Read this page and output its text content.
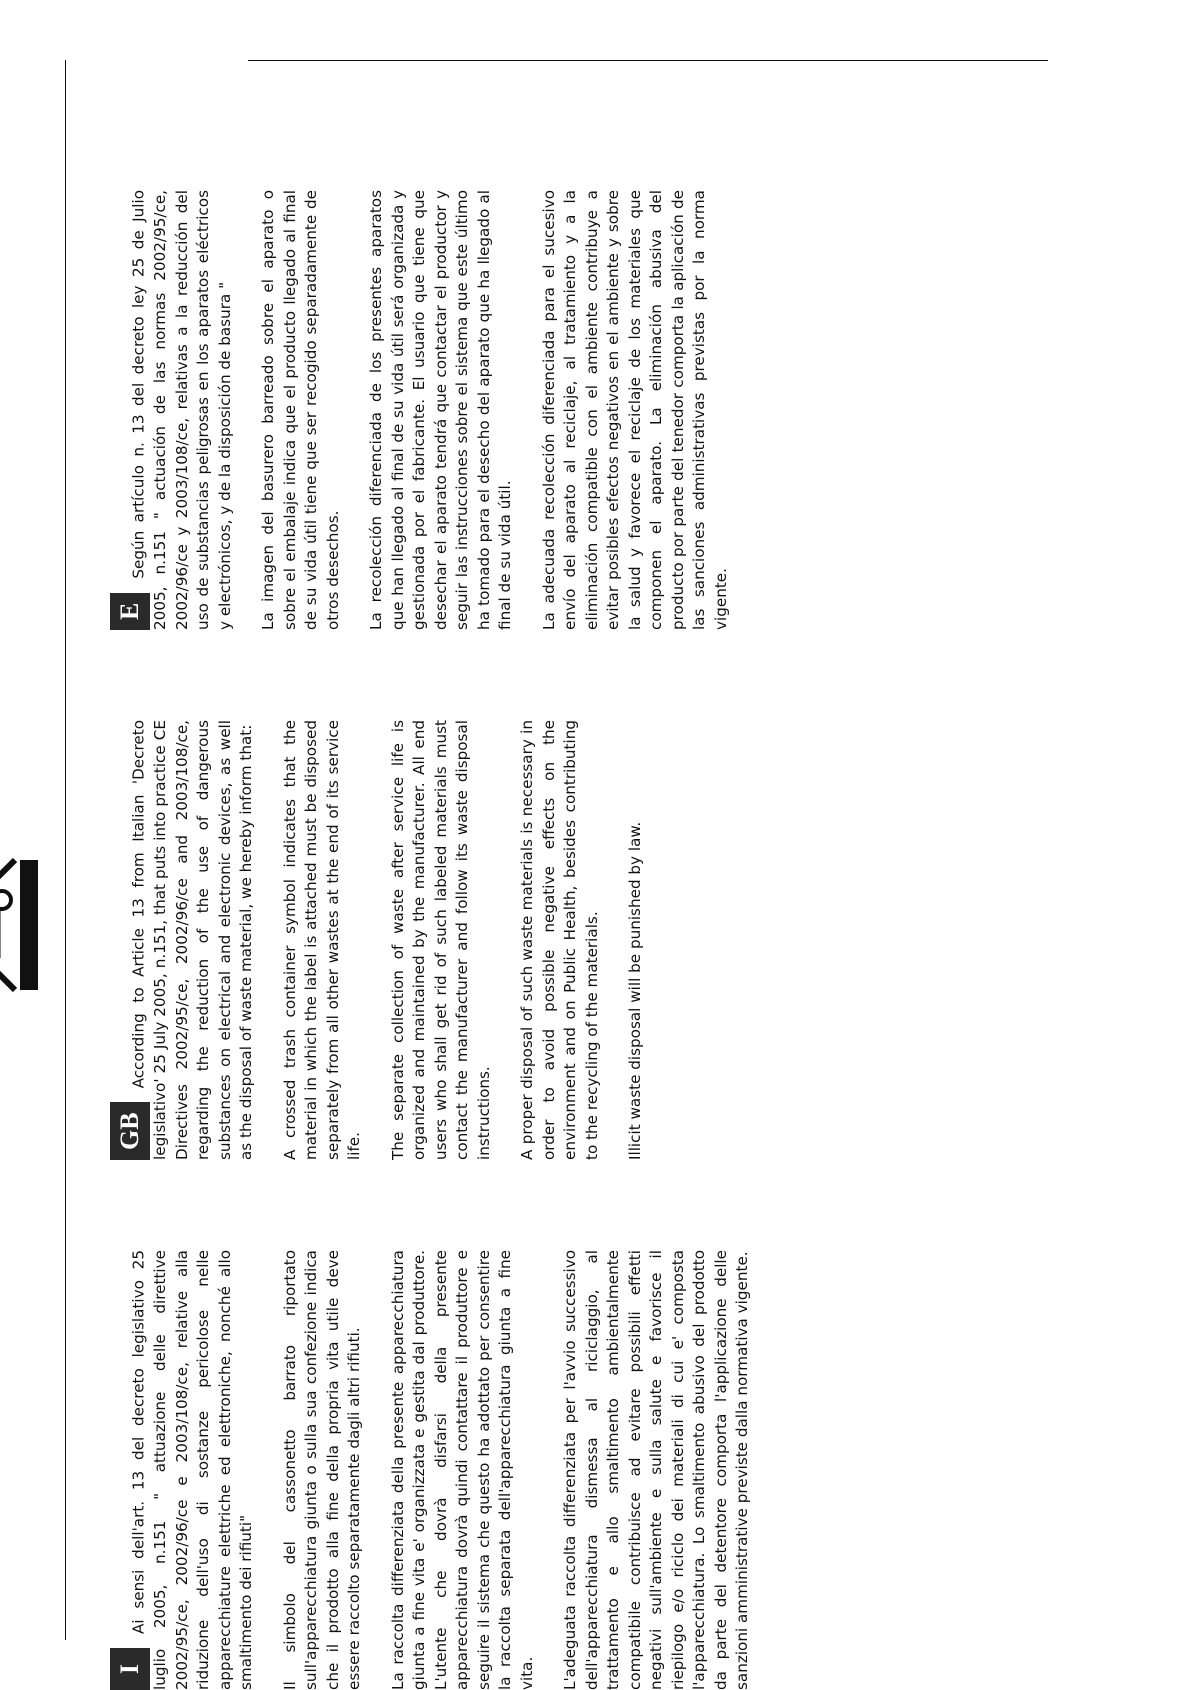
IAi sensi dell'art. 13 del decreto legislativo 25 luglio 2005, n.151 " attuazione delle direttive 2002/95/ce, 2002/96/ce e 2003/108/ce, relative alla riduzione dell'uso di sostanze pericolose nelle apparecchiature elettriche ed elettroniche, nonché allo smaltimento dei rifiuti" Il simbolo del cassonetto barrato riportato sull'apparecchiatura giunta o sulla sua confezione indica che il prodotto alla fine della propria vita utile deve essere raccolto separatamente dagli altri rifiuti. La raccolta differenziata della presente apparecchiatura giunta a fine vita e' organizzata e gestita dal produttore. L'utente che dovrà disfarsi della presente apparecchiatura dovrà quindi contattare il produttore e seguire il sistema che questo ha adottato per consentire la raccolta separata dell'apparecchiatura giunta a fine vita. L'adeguata raccolta differenziata per l'avvio successivo dell'apparecchiatura dismessa al riciclaggio, al trattamento e allo smaltimento ambientalmente compatibile contribuisce ad evitare possibili effetti negativi sull'ambiente e sulla salute e favorisce il riepilogo e/o riciclo dei materiali di cui e' composta l'apparecchiatura. Lo smaltimento abusivo del prodotto da parte del detentore comporta l'applicazione delle sanzioni amministrative previste dalla normativa vigente.

GBAccording to Article 13 from Italian 'Decreto legislativo' 25 July 2005, n.151, that puts into practice CE Directives 2002/95/ce, 2002/96/ce and 2003/108/ce, regarding the reduction of the use of dangerous substances on electrical and electronic devices, as well as the disposal of waste material, we hereby inform that: A crossed trash container symbol indicates that the material in which the label is attached must be disposed separately from all other wastes at the end of its service life. The separate collection of waste after service life is organized and maintained by the manufacturer. All end users who shall get rid of such labeled materials must contact the manufacturer and follow its waste disposal instructions. A proper disposal of such waste materials is necessary in order to avoid possible negative effects on the environment and on Public Health, besides contributing to the recycling of the materials. Illicit waste disposal will be punished by law.

ESegún artículo n. 13 del decreto ley 25 de Julio 2005, n.151 " actuación de las normas 2002/95/ce, 2002/96/ce y 2003/108/ce, relativas a la reducción del uso de substancias peligrosas en los aparatos eléctricos y electrónicos, y de la disposición de basura " La imagen del basurero barreado sobre el aparato o sobre el embalaje indica que el producto llegado al final de su vida útil tiene que ser recogido separadamente de otros desechos. La recolección diferenciada de los presentes aparatos que han llegado al final de su vida útil será organizada y gestionada por el fabricante. El usuario que tiene que desechar el aparato tendrá que contactar el productor y seguir las instrucciones sobre el sistema que este último ha tomado para el desecho del aparato que ha llegado al final de su vida útil. La adecuada recolección diferenciada para el sucesivo envío del aparato al reciclaje, al tratamiento y a la eliminación compatible con el ambiente contribuye a evitar posibles efectos negativos en el ambiente y sobre la salud y favorece el reciclaje de los materiales que componen el aparato. La eliminación abusiva del producto por parte del tenedor comporta la aplicación de las sanciones administrativas previstas por la norma vigente.
